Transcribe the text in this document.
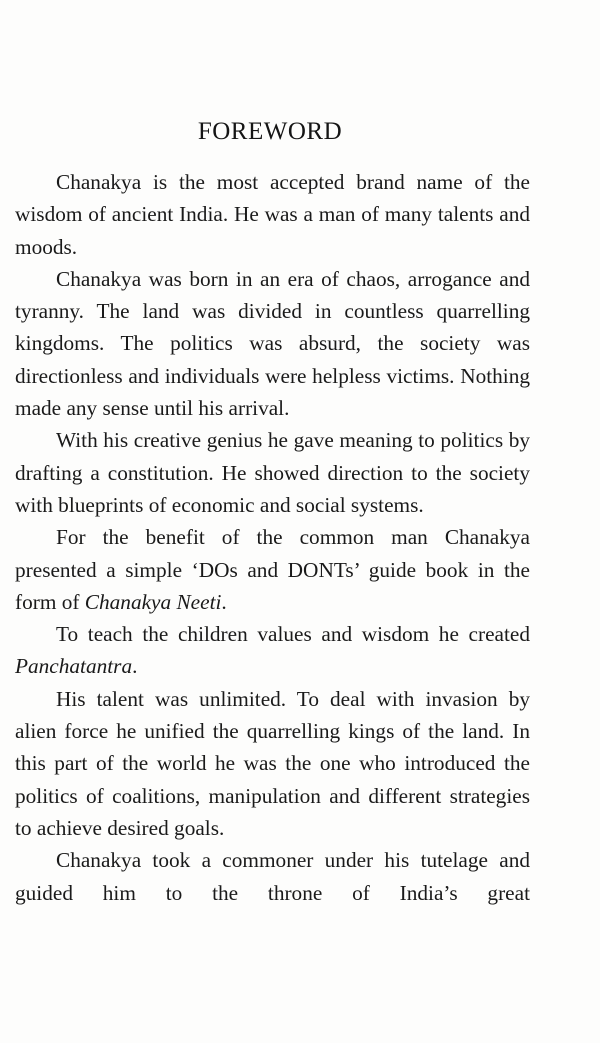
FOREWORD

Chanakya is the most accepted brand name of the wisdom of ancient India. He was a man of many talents and moods.

Chanakya was born in an era of chaos, arrogance and tyranny. The land was divided in countless quarrelling kingdoms. The politics was absurd, the society was directionless and individuals were helpless victims. Nothing made any sense until his arrival.

With his creative genius he gave meaning to politics by drafting a constitution. He showed direction to the society with blueprints of economic and social systems.

For the benefit of the common man Chanakya presented a simple ‘DOs and DONTs’ guide book in the form of Chanakya Neeti.

To teach the children values and wisdom he created Panchatantra.

His talent was unlimited. To deal with invasion by alien force he unified the quarrelling kings of the land. In this part of the world he was the one who introduced the politics of coalitions, manipulation and different strategies to achieve desired goals.

Chanakya took a commoner under his tutelage and guided him to the throne of India’s great
